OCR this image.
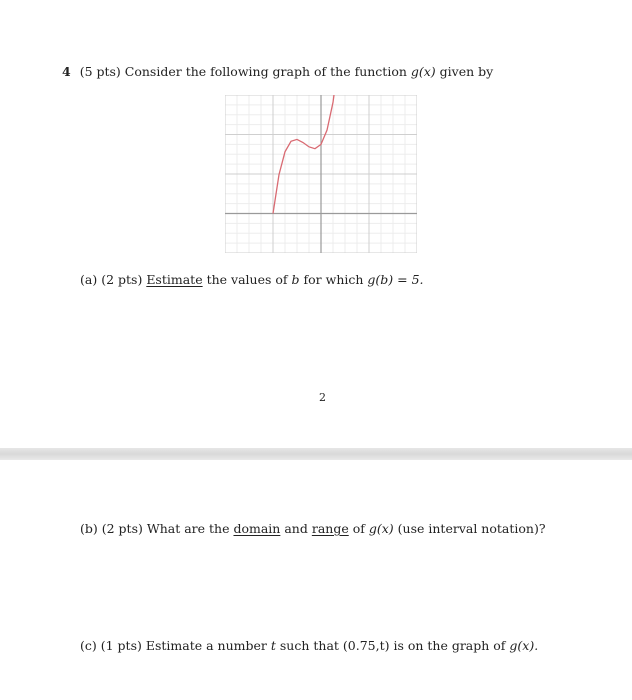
4 (5 pts) Consider the following graph of the function g(x) given by
(a) (2 pts) Estimate the values of b for which g(b) = 5.
2
(b) (2 pts) What are the domain and range of g(x) (use interval notation)?
(c) (1 pts) Estimate a number t such that (0.75,t) is on the graph of g(x).
